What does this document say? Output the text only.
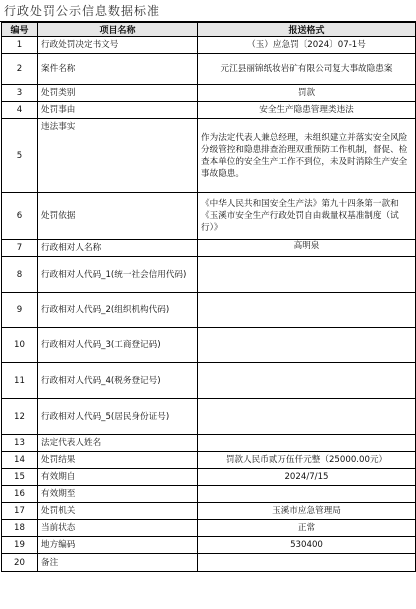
行政处罚公示信息数据标准
编号	项目名称	报送格式
1	行政处罚决定书文号	（玉）应急罚〔2024〕07-1号
2	案件名称	元江县丽锦纸妆岩矿有限公司复大事故隐患案
3	处罚类别	罚款
4	处罚事由	安全生产隐患管理类违法
5	违法事实	作为法定代表人兼总经理，未组织建立并落实安全风险分级管控和隐患排查治理双重预防工作机制，督促、检查本单位的安全生产工作不到位，未及时消除生产安全事故隐患。
6	处罚依据	《中华人民共和国安全生产法》第九十四条第一款和《玉溪市安全生产行政处罚自由裁量权基准制度（试行）》
7	行政相对人名称	高明泉
8	行政相对人代码_1(统一社会信用代码)	
9	行政相对人代码_2(组织机构代码)	
10	行政相对人代码_3(工商登记码)	
11	行政相对人代码_4(税务登记号)	
12	行政相对人代码_5(居民身份证号)	
13	法定代表人姓名	
14	处罚结果	罚款人民币贰万伍仟元整（25000.00元）
15	有效期自	2024/7/15
16	有效期至	
17	处罚机关	玉溪市应急管理局
18	当前状态	正常
19	地方编码	530400
20	备注	
